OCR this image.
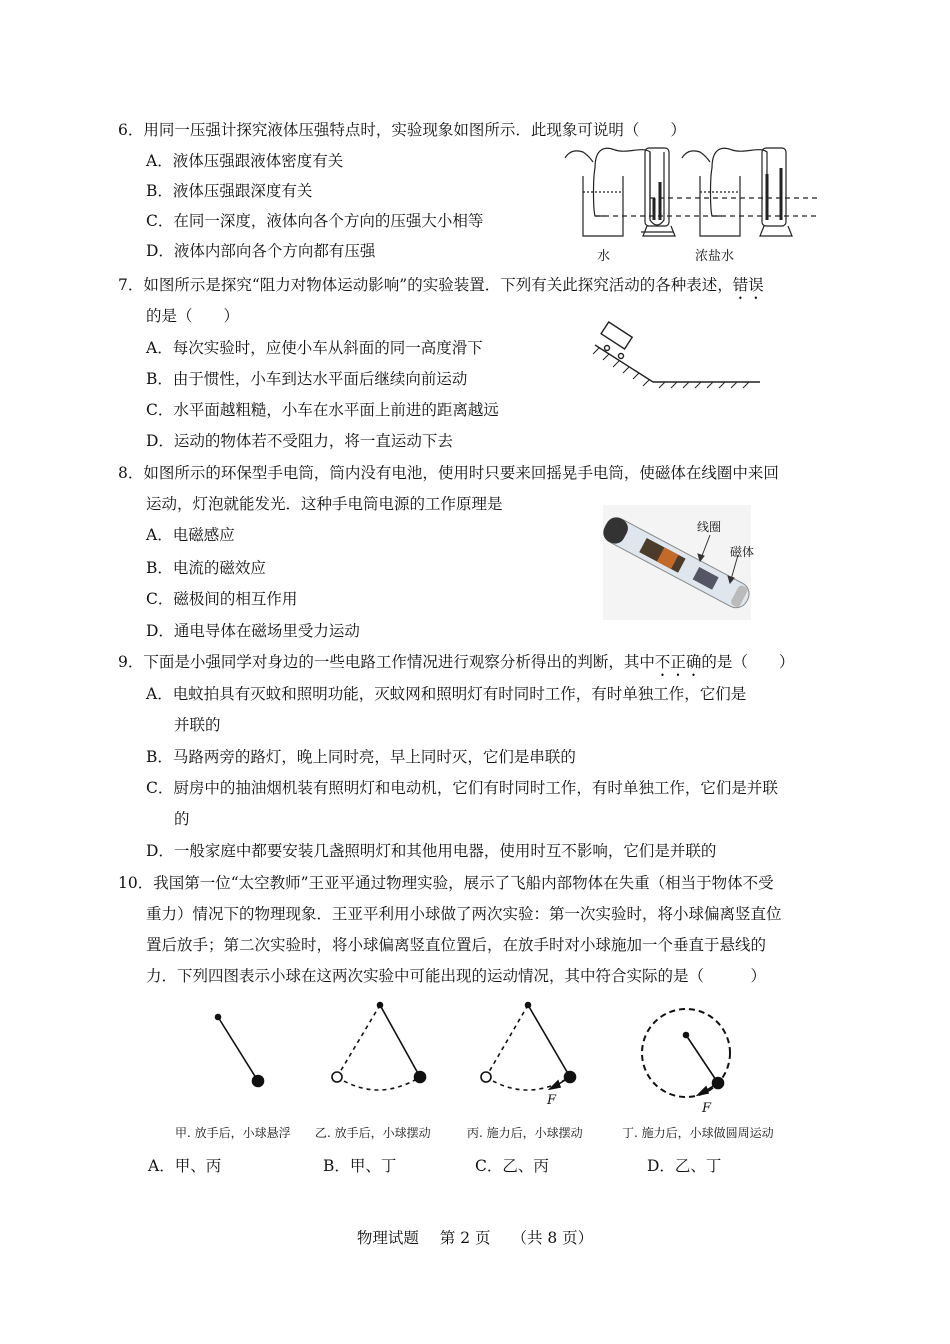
6．用同一压强计探究液体压强特点时，实验现象如图所示．此现象可说明（　　）
A．液体压强跟液体密度有关
B．液体压强跟深度有关
C．在同一深度，液体向各个方向的压强大小相等
D．液体内部向各个方向都有压强	水	浓盐水
7．如图所示是探究“阻力对物体运动影响”的实验装置．下列有关此探究活动的各种表述，错误
的是（　　）
A．每次实验时，应使小车从斜面的同一高度滑下
B．由于惯性，小车到达水平面后继续向前运动
C．水平面越粗糙，小车在水平面上前进的距离越远
D．运动的物体若不受阻力，将一直运动下去
8．如图所示的环保型手电筒，筒内没有电池，使用时只要来回摇晃手电筒，使磁体在线圈中来回
运动，灯泡就能发光．这种手电筒电源的工作原理是
A．电磁感应
B．电流的磁效应
C．磁极间的相互作用
D．通电导体在磁场里受力运动
线圈
磁体
9．下面是小强同学对身边的一些电路工作情况进行观察分析得出的判断，其中不正确的是（　　）
A．电蚊拍具有灭蚊和照明功能，灭蚊网和照明灯有时同时工作，有时单独工作，它们是
并联的
B．马路两旁的路灯，晚上同时亮，早上同时灭，它们是串联的
C．厨房中的抽油烟机装有照明灯和电动机，它们有时同时工作，有时单独工作，它们是并联
的
D．一般家庭中都要安装几盏照明灯和其他用电器，使用时互不影响，它们是并联的
10．我国第一位“太空教师”王亚平通过物理实验，展示了飞船内部物体在失重（相当于物体不受
重力）情况下的物理现象．王亚平利用小球做了两次实验：第一次实验时，将小球偏离竖直位
置后放手；第二次实验时，将小球偏离竖直位置后，在放手时对小球施加一个垂直于悬线的
力．下列四图表示小球在这两次实验中可能出现的运动情况，其中符合实际的是（　　　）
F
F
甲. 放手后，小球悬浮 乙. 放手后，小球摆动	丙. 施力后，小球摆动	丁. 施力后，小球做圆周运动
A．甲、丙	B．甲、丁	C．乙、丙	D．乙、丁
物理试题 第 2 页 （共 8 页）
